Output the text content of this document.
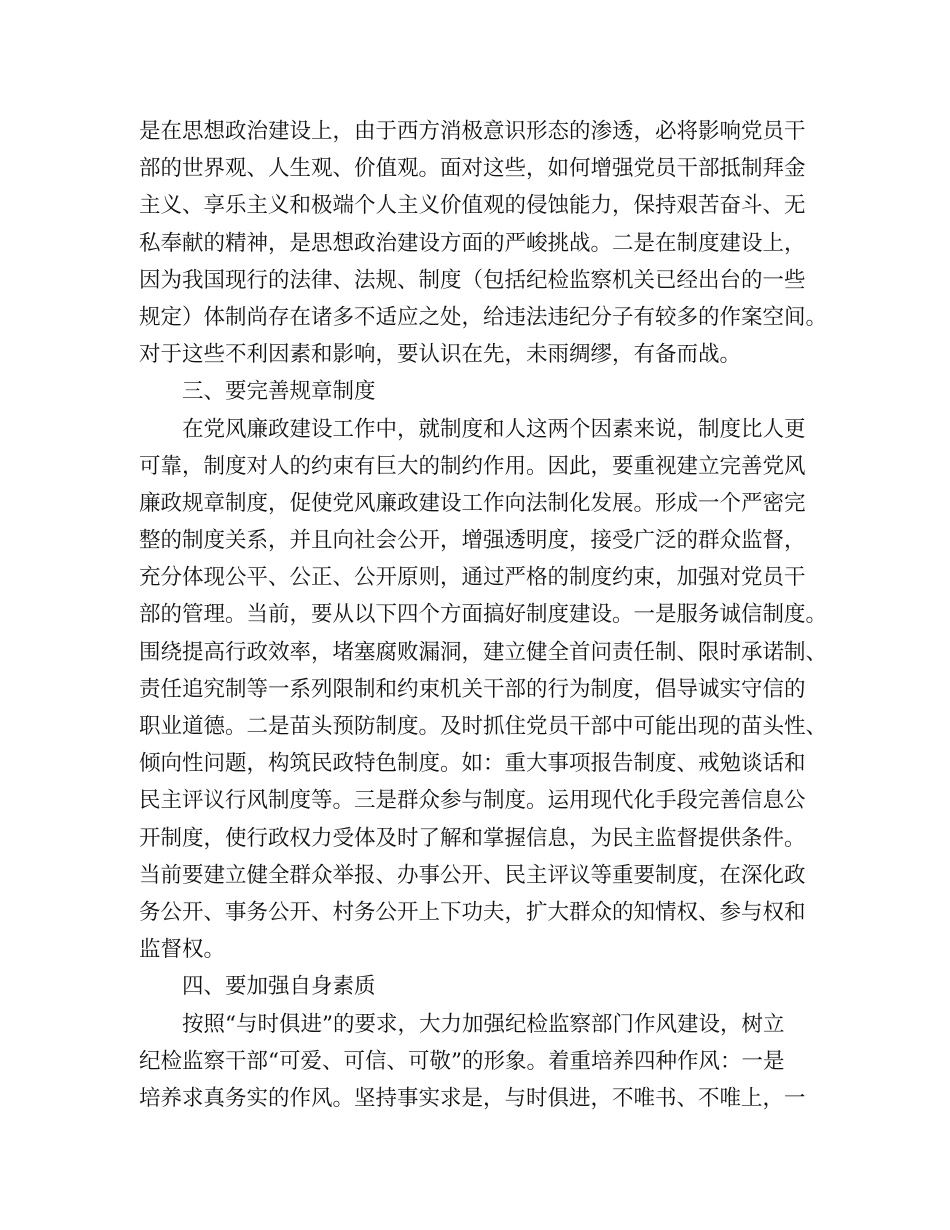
是在思想政治建设上，由于西方消极意识形态的渗透，必将影响党员干
部的世界观、人生观、价值观。面对这些，如何增强党员干部抵制拜金
主义、享乐主义和极端个人主义价值观的侵蚀能力，保持艰苦奋斗、无
私奉献的精神，是思想政治建设方面的严峻挑战。二是在制度建设上，
因为我国现行的法律、法规、制度（包括纪检监察机关已经出台的一些
规定）体制尚存在诸多不适应之处，给违法违纪分子有较多的作案空间。
对于这些不利因素和影响，要认识在先，未雨绸缪，有备而战。
三、要完善规章制度
在党风廉政建设工作中，就制度和人这两个因素来说，制度比人更
可靠，制度对人的约束有巨大的制约作用。因此，要重视建立完善党风
廉政规章制度，促使党风廉政建设工作向法制化发展。形成一个严密完
整的制度关系，并且向社会公开，增强透明度，接受广泛的群众监督，
充分体现公平、公正、公开原则，通过严格的制度约束，加强对党员干
部的管理。当前，要从以下四个方面搞好制度建设。一是服务诚信制度。
围绕提高行政效率，堵塞腐败漏洞，建立健全首问责任制、限时承诺制、
责任追究制等一系列限制和约束机关干部的行为制度，倡导诚实守信的
职业道德。二是苗头预防制度。及时抓住党员干部中可能出现的苗头性、
倾向性问题，构筑民政特色制度。如：重大事项报告制度、戒勉谈话和
民主评议行风制度等。三是群众参与制度。运用现代化手段完善信息公
开制度，使行政权力受体及时了解和掌握信息，为民主监督提供条件。
当前要建立健全群众举报、办事公开、民主评议等重要制度，在深化政
务公开、事务公开、村务公开上下功夫，扩大群众的知情权、参与权和
监督权。
四、要加强自身素质
按照“与时俱进”的要求，大力加强纪检监察部门作风建设，树立
纪检监察干部“可爱、可信、可敬”的形象。着重培养四种作风：一是
培养求真务实的作风。坚持事实求是，与时俱进，不唯书、不唯上，一
